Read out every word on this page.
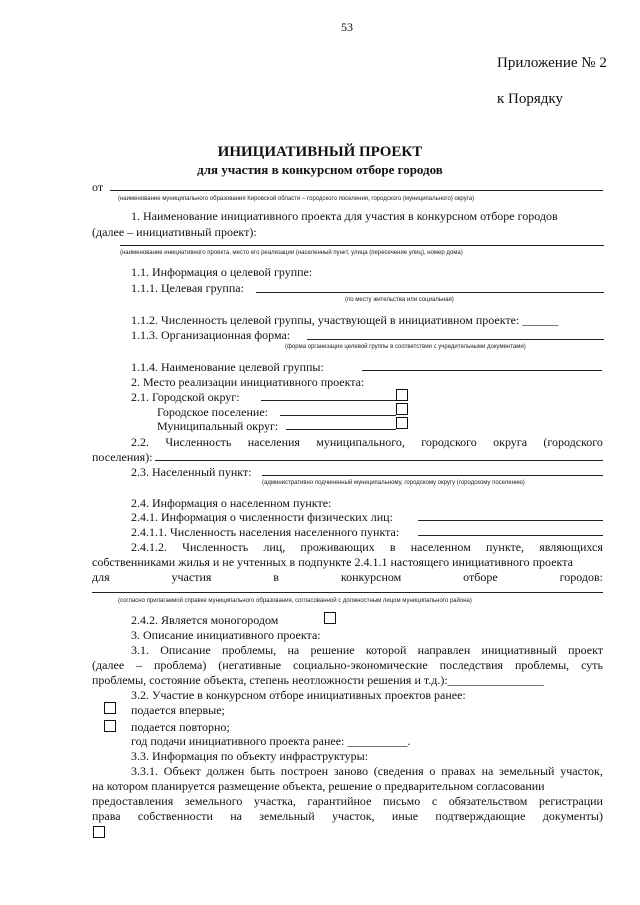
53
Приложение № 2
к Порядку
ИНИЦИАТИВНЫЙ ПРОЕКТ
для участия в конкурсном отборе городов
от
(наименование муниципального образования Кировской области – городского поселения, городского (муниципального) округа)
1. Наименование инициативного проекта для участия в конкурсном отборе городов
(далее – инициативный проект):
(наименование инициативного проекта, место его реализации (населенный пункт, улица (пересечение улиц), номер дома)
1.1. Информация о целевой группе:
1.1.1. Целевая группа:
(по месту жительства или социальная)
1.1.2. Численность целевой группы, участвующей в инициативном проекте: ______
1.1.3. Организационная форма:
(форма организации целевой группы в соответствии с учредительными документами)
1.1.4. Наименование целевой группы:
2. Место реализации инициативного проекта:
2.1. Городской округ:
Городское поселение:
Муниципальный округ:
2.2. Численность населения муниципального, городского округа (городского
поселения):
2.3. Населенный пункт:
(административно подчиненный муниципальному, городскому округу (городскому поселению)
2.4. Информация о населенном пункте:
2.4.1. Информация о численности физических лиц:
2.4.1.1. Численность населения населенного пункта:
2.4.1.2. Численность лиц, проживающих в населенном пункте, являющихся
собственниками жилья и не учтенных в подпункте 2.4.1.1 настоящего инициативного проекта
для	участия	в	конкурсном	отборе	городов:
(согласно прилагаемой справке муниципального образования, согласованной с должностным лицом муниципального района)
2.4.2. Является моногородом
3. Описание инициативного проекта:
3.1. Описание проблемы, на решение которой направлен инициативный проект
(далее – проблема) (негативные социально-экономические последствия проблемы, суть
проблемы, состояние объекта, степень неотложности решения и т.д.):________________
3.2. Участие в конкурсном отборе инициативных проектов ранее:
подается впервые;
подается повторно;
год подачи инициативного проекта ранее: __________.
3.3. Информация по объекту инфраструктуры:
3.3.1. Объект должен быть построен заново (сведения о правах на земельный участок,
на котором планируется размещение объекта, решение о предварительном согласовании
предоставления земельного участка, гарантийное письмо с обязательством регистрации
права собственности на земельный участок, иные подтверждающие документы)
